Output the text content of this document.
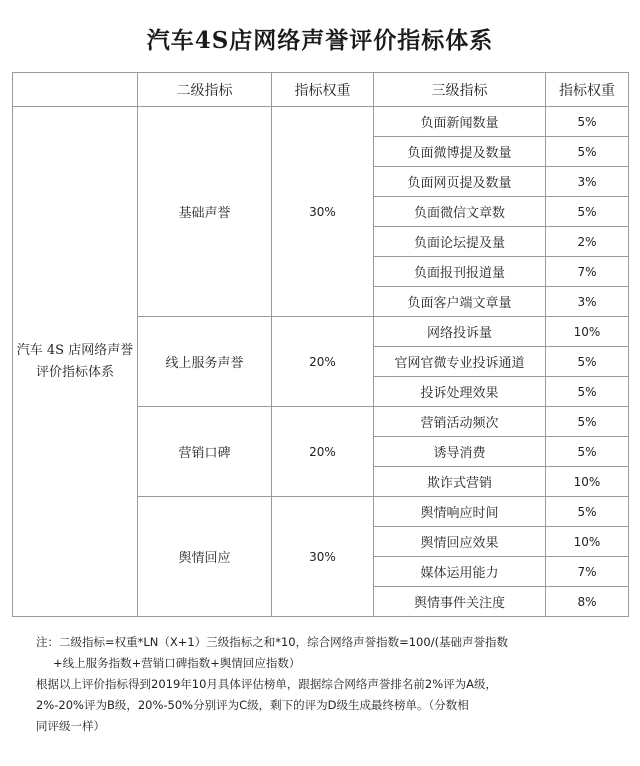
汽车4S店网络声誉评价指标体系
	二级指标	指标权重	三级指标	指标权重
汽车 4S 店网络声誉评价指标体系	基础声誉	30%	负面新闻数量	5%
			负面微博提及数量	5%
			负面网页提及数量	3%
			负面微信文章数	5%
			负面论坛提及量	2%
			负面报刊报道量	7%
			负面客户端文章量	3%
	线上服务声誉	20%	网络投诉量	10%
			官网官微专业投诉通道	5%
			投诉处理效果	5%
	营销口碑	20%	营销活动频次	5%
			诱导消费	5%
			欺诈式营销	10%
	舆情回应	30%	舆情响应时间	5%
			舆情回应效果	10%
			媒体运用能力	7%
			舆情事件关注度	8%

注：二级指标=权重*LN（X+1）三级指标之和*10，综合网络声誉指数=100/(基础声誉指数

+线上服务指数+营销口碑指数+舆情回应指数）

根据以上评价指标得到2019年10月具体评估榜单，跟据综合网络声誉排名前2%评为A级，

2%-20%评为B级，20%-50%分别评为C级，剩下的评为D级生成最终榜单。（分数相

同评级一样）
